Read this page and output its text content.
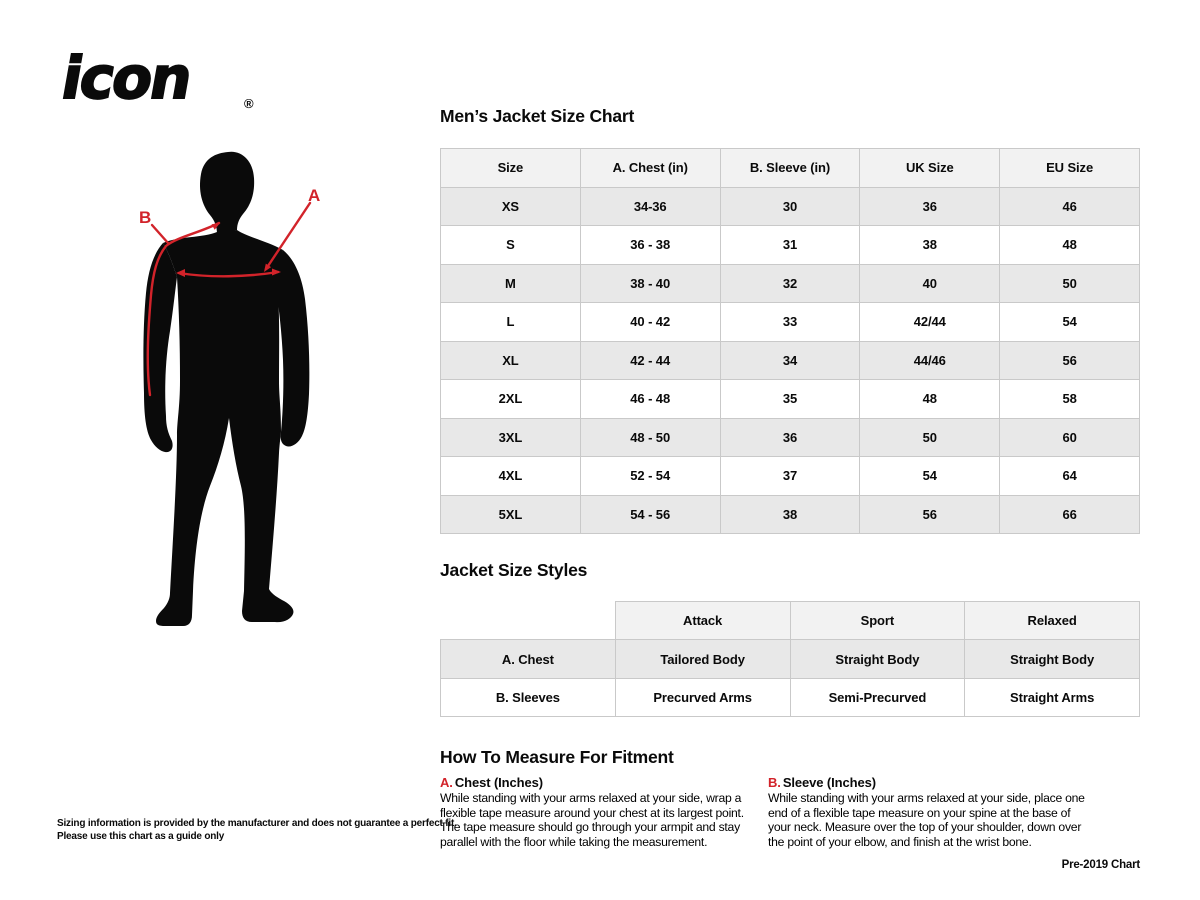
icon	®
A
B
Men’s Jacket Size Chart
Size	A. Chest (in)	B. Sleeve (in)	UK Size	EU Size
XS	34-36	30	36	46
S	36 - 38	31	38	48
M	38 - 40	32	40	50
L	40 - 42	33	42/44	54
XL	42 - 44	34	44/46	56
2XL	46 - 48	35	48	58
3XL	48 - 50	36	50	60
4XL	52 - 54	37	54	64
5XL	54 - 56	38	56	66
Jacket Size Styles
	Attack	Sport	Relaxed
A. Chest	Tailored Body	Straight Body	Straight Body
B. Sleeves	Precurved Arms	Semi-Precurved	Straight Arms
How To Measure For Fitment
A. Chest (Inches)

While standing with your arms relaxed at your side, wrap a flexible tape measure around your chest at its largest point. The tape measure should go through your armpit and stay parallel with the floor while taking the measurement.

B. Sleeve (Inches)

While standing with your arms relaxed at your side, place one end of a flexible tape measure on your spine at the base of your neck. Measure over the top of your shoulder, down over the point of your elbow, and finish at the wrist bone.

Sizing information is provided by the manufacturer and does not guarantee a perfect fit.
Please use this chart as a guide only
Pre-2019 Chart
